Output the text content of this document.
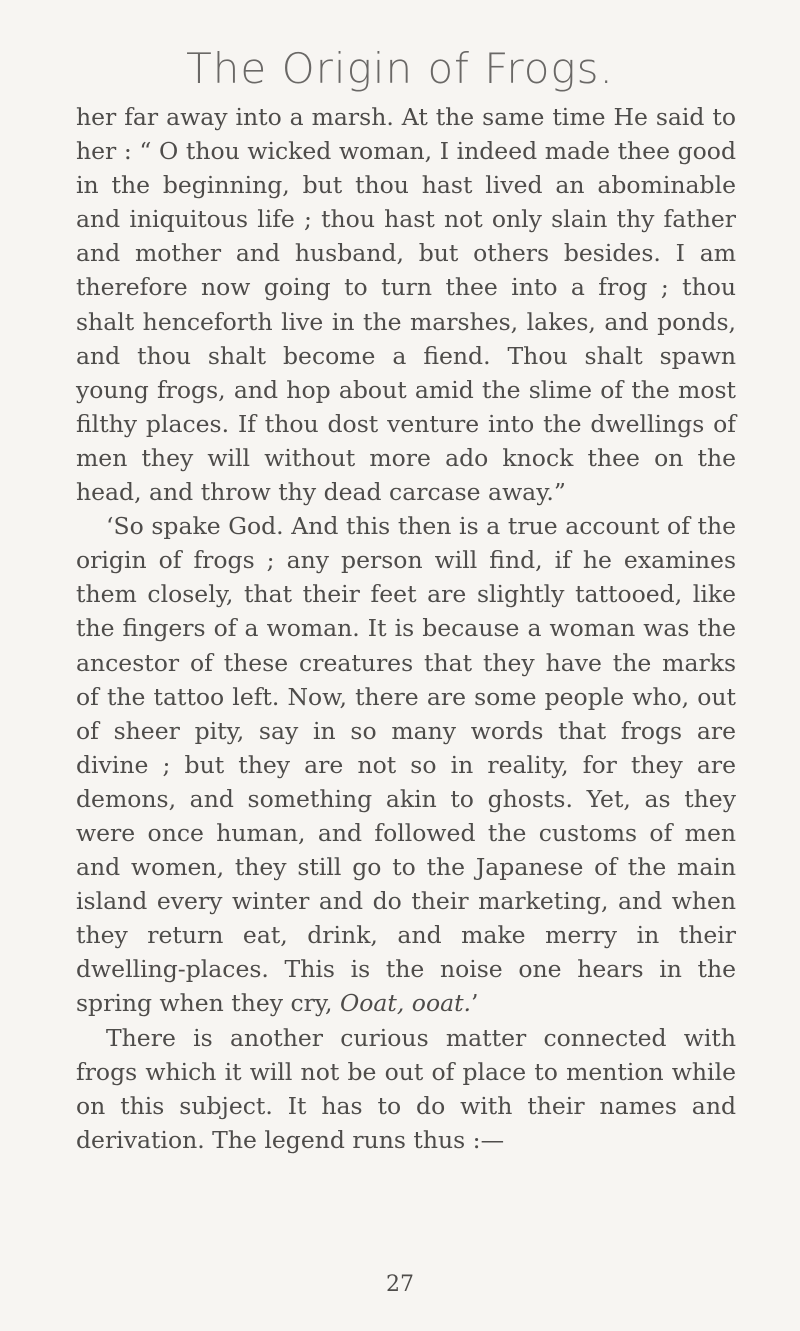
The Origin of Frogs.

her far away into a marsh. At the same time He said to her : “ O thou wicked woman, I indeed made thee good in the beginning, but thou hast lived an abominable and iniquitous life ; thou hast not only slain thy father and mother and husband, but others besides. I am therefore now going to turn thee into a frog ; thou shalt henceforth live in the marshes, lakes, and ponds, and thou shalt become a fiend. Thou shalt spawn young frogs, and hop about amid the slime of the most filthy places. If thou dost venture into the dwellings of men they will without more ado knock thee on the head, and throw thy dead carcase away.”

‘So spake God. And this then is a true account of the origin of frogs ; any person will find, if he examines them closely, that their feet are slightly tattooed, like the fingers of a woman. It is because a woman was the ancestor of these creatures that they have the marks of the tattoo left. Now, there are some people who, out of sheer pity, say in so many words that frogs are divine ; but they are not so in reality, for they are demons, and something akin to ghosts. Yet, as they were once human, and followed the customs of men and women, they still go to the Japanese of the main island every winter and do their marketing, and when they return eat, drink, and make merry in their dwelling-places. This is the noise one hears in the spring when they cry, Ooat, ooat.’

There is another curious matter connected with frogs which it will not be out of place to mention while on this subject. It has to do with their names and derivation. The legend runs thus :—

27
